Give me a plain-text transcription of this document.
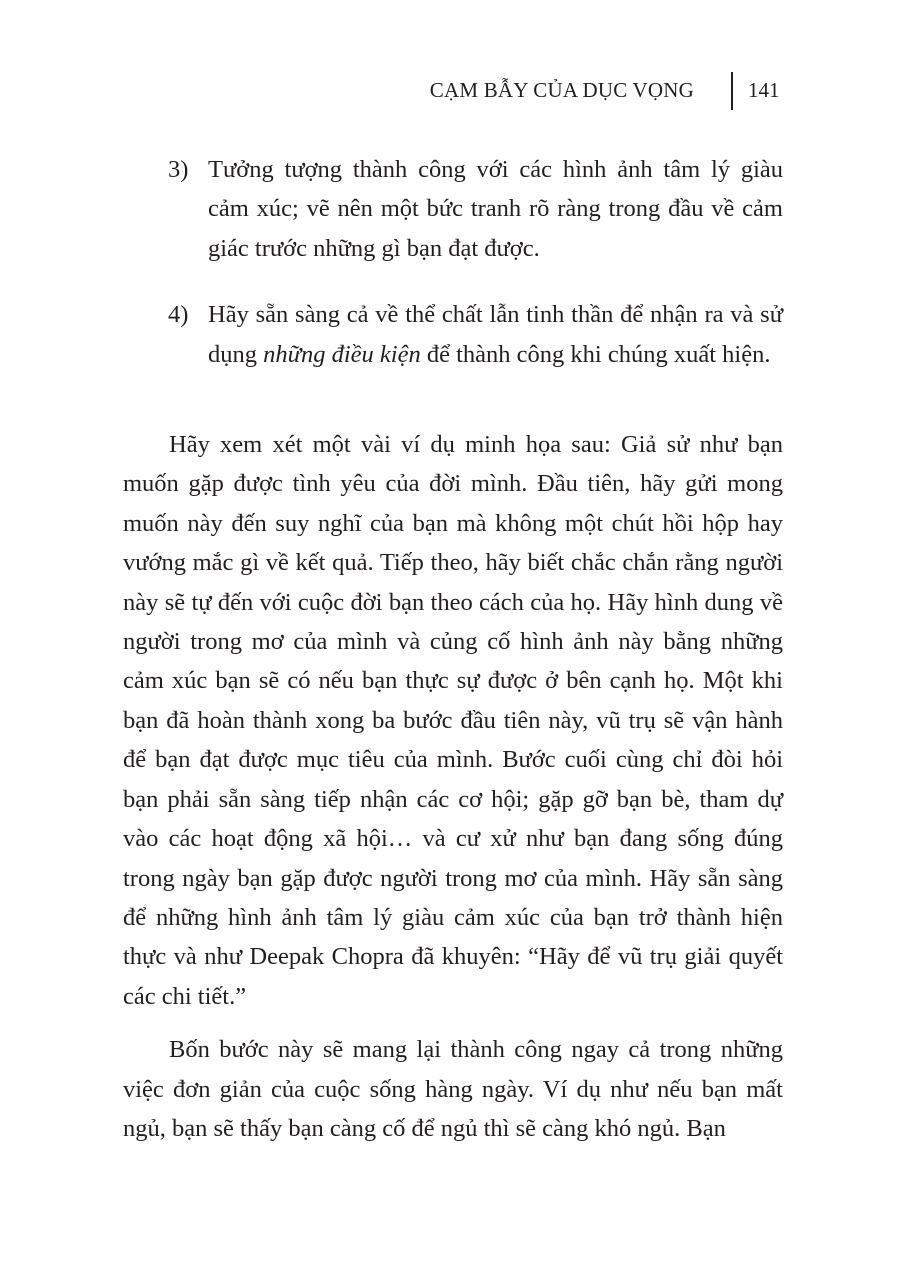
CẠM BẪY CỦA DỤC VỌNG	141
3) Tưởng tượng thành công với các hình ảnh tâm lý giàu cảm xúc; vẽ nên một bức tranh rõ ràng trong đầu về cảm giác trước những gì bạn đạt được.
4) Hãy sẵn sàng cả về thể chất lẫn tinh thần để nhận ra và sử dụng những điều kiện để thành công khi chúng xuất hiện.

Hãy xem xét một vài ví dụ minh họa sau: Giả sử như bạn muốn gặp được tình yêu của đời mình. Đầu tiên, hãy gửi mong muốn này đến suy nghĩ của bạn mà không một chút hồi hộp hay vướng mắc gì về kết quả. Tiếp theo, hãy biết chắc chắn rằng người này sẽ tự đến với cuộc đời bạn theo cách của họ. Hãy hình dung về người trong mơ của mình và củng cố hình ảnh này bằng những cảm xúc bạn sẽ có nếu bạn thực sự được ở bên cạnh họ. Một khi bạn đã hoàn thành xong ba bước đầu tiên này, vũ trụ sẽ vận hành để bạn đạt được mục tiêu của mình. Bước cuối cùng chỉ đòi hỏi bạn phải sẵn sàng tiếp nhận các cơ hội; gặp gỡ bạn bè, tham dự vào các hoạt động xã hội… và cư xử như bạn đang sống đúng trong ngày bạn gặp được người trong mơ của mình. Hãy sẵn sàng để những hình ảnh tâm lý giàu cảm xúc của bạn trở thành hiện thực và như Deepak Chopra đã khuyên: “Hãy để vũ trụ giải quyết các chi tiết.”

Bốn bước này sẽ mang lại thành công ngay cả trong những việc đơn giản của cuộc sống hàng ngày. Ví dụ như nếu bạn mất ngủ, bạn sẽ thấy bạn càng cố để ngủ thì sẽ càng khó ngủ. Bạn
